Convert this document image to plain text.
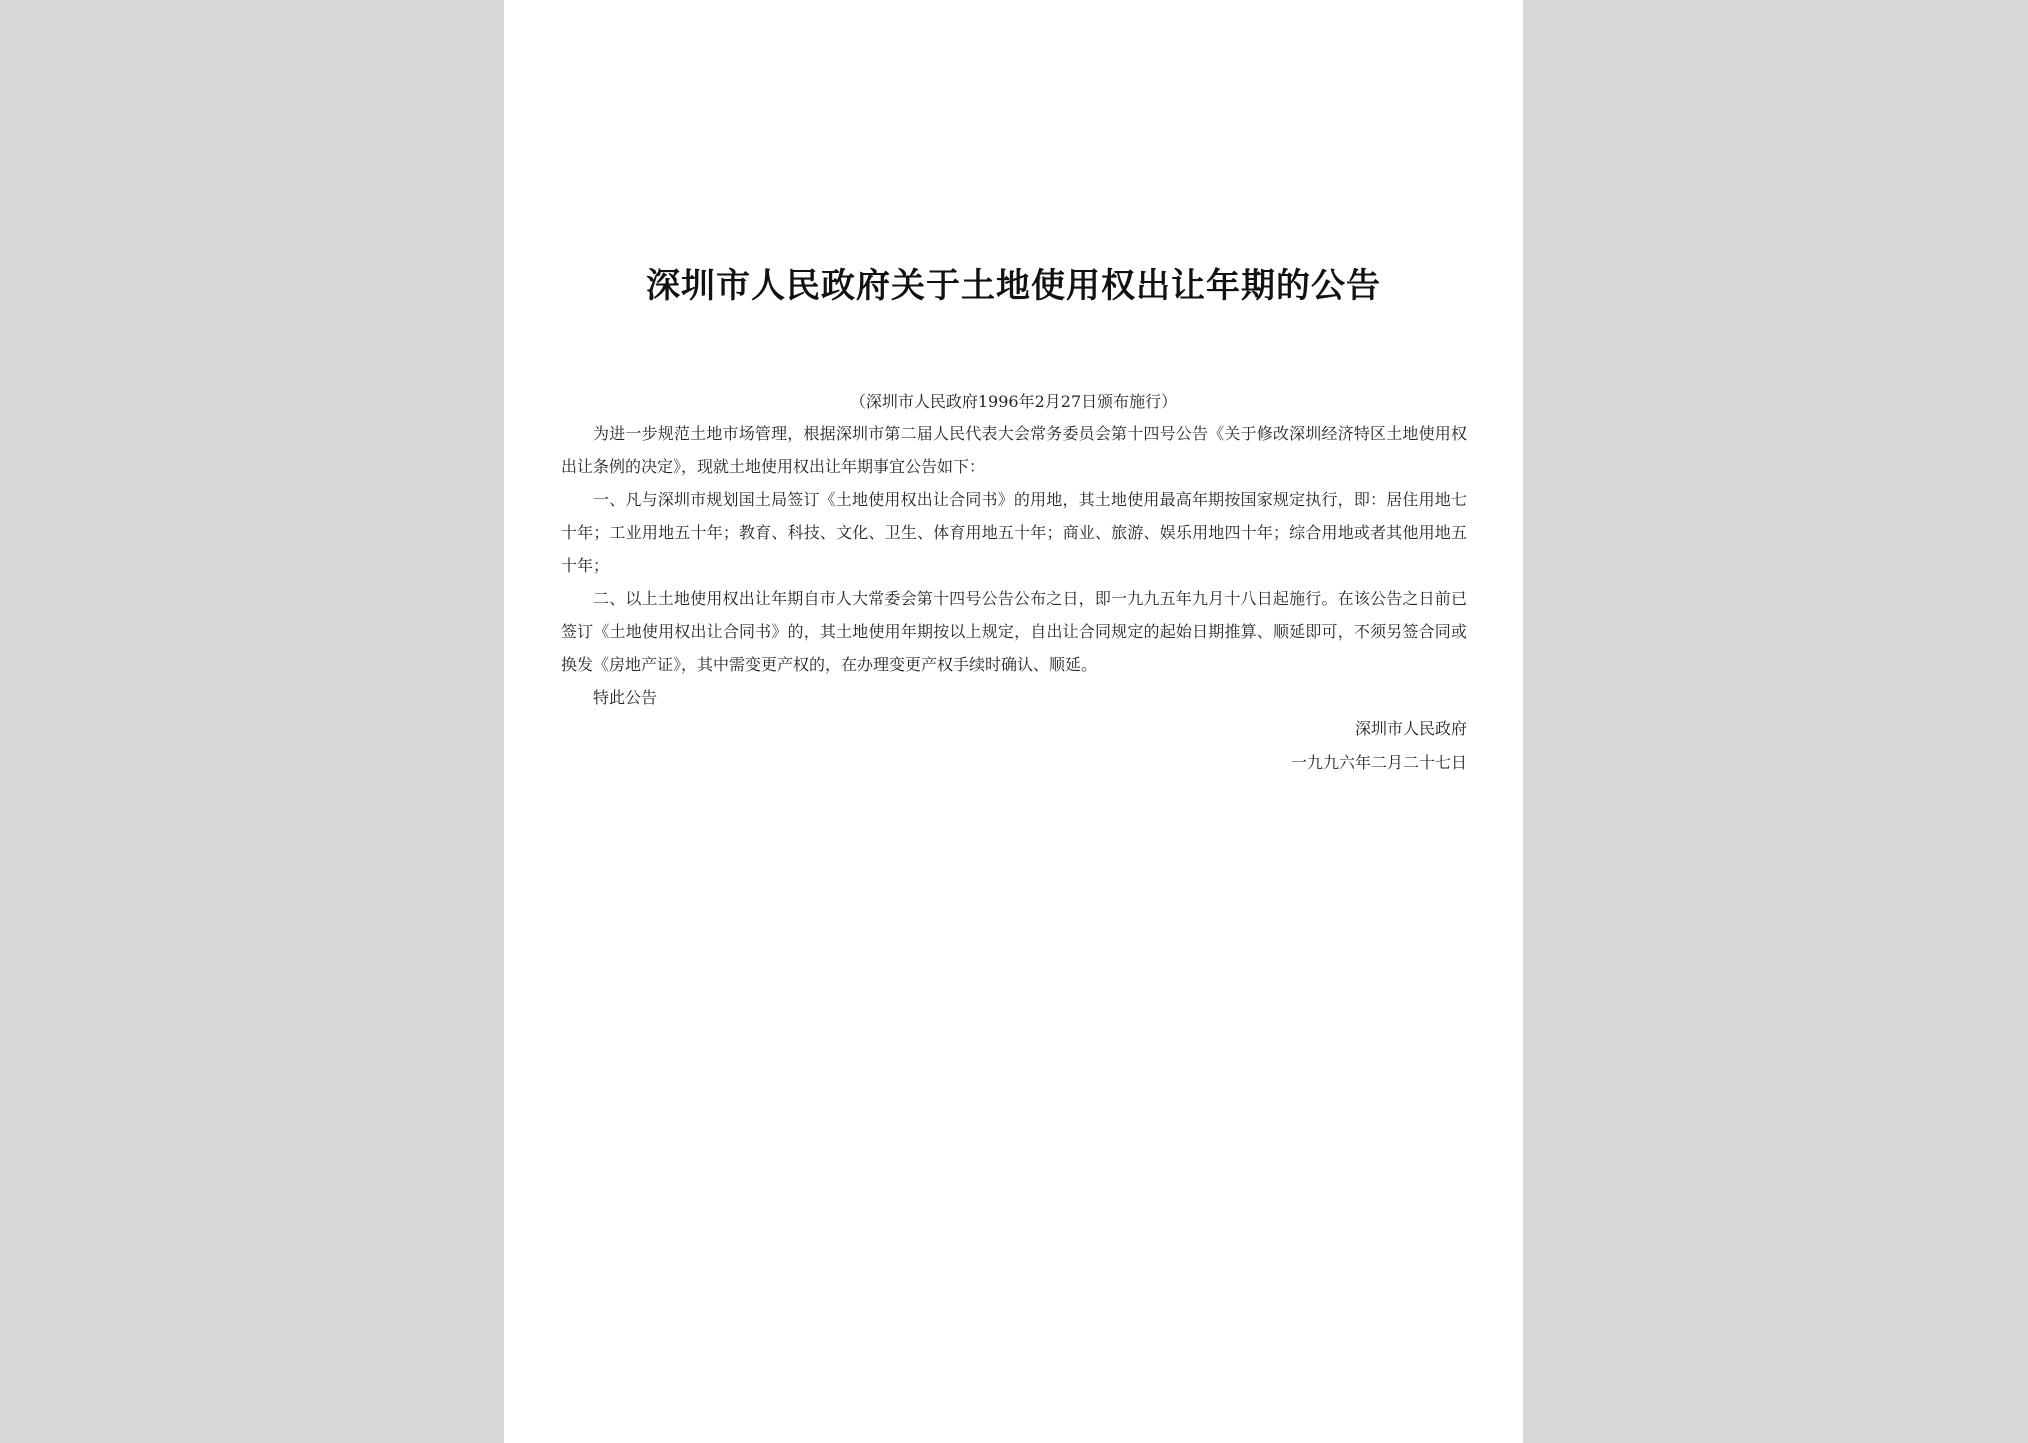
深圳市人民政府关于土地使用权出让年期的公告
（深圳市人民政府1996年2月27日颁布施行）

为进一步规范土地市场管理，根据深圳市第二届人民代表大会常务委员会第十四号公告《关于修改深圳经济特区土地使用权出让条例的决定》，现就土地使用权出让年期事宜公告如下：

一、凡与深圳市规划国土局签订《土地使用权出让合同书》的用地，其土地使用最高年期按国家规定执行，即：居住用地七十年；工业用地五十年；教育、科技、文化、卫生、体育用地五十年；商业、旅游、娱乐用地四十年；综合用地或者其他用地五十年；

二、以上土地使用权出让年期自市人大常委会第十四号公告公布之日，即一九九五年九月十八日起施行。在该公告之日前已签订《土地使用权出让合同书》的，其土地使用年期按以上规定，自出让合同规定的起始日期推算、顺延即可，不须另签合同或换发《房地产证》，其中需变更产权的，在办理变更产权手续时确认、顺延。

特此公告

深圳市人民政府
一九九六年二月二十七日
